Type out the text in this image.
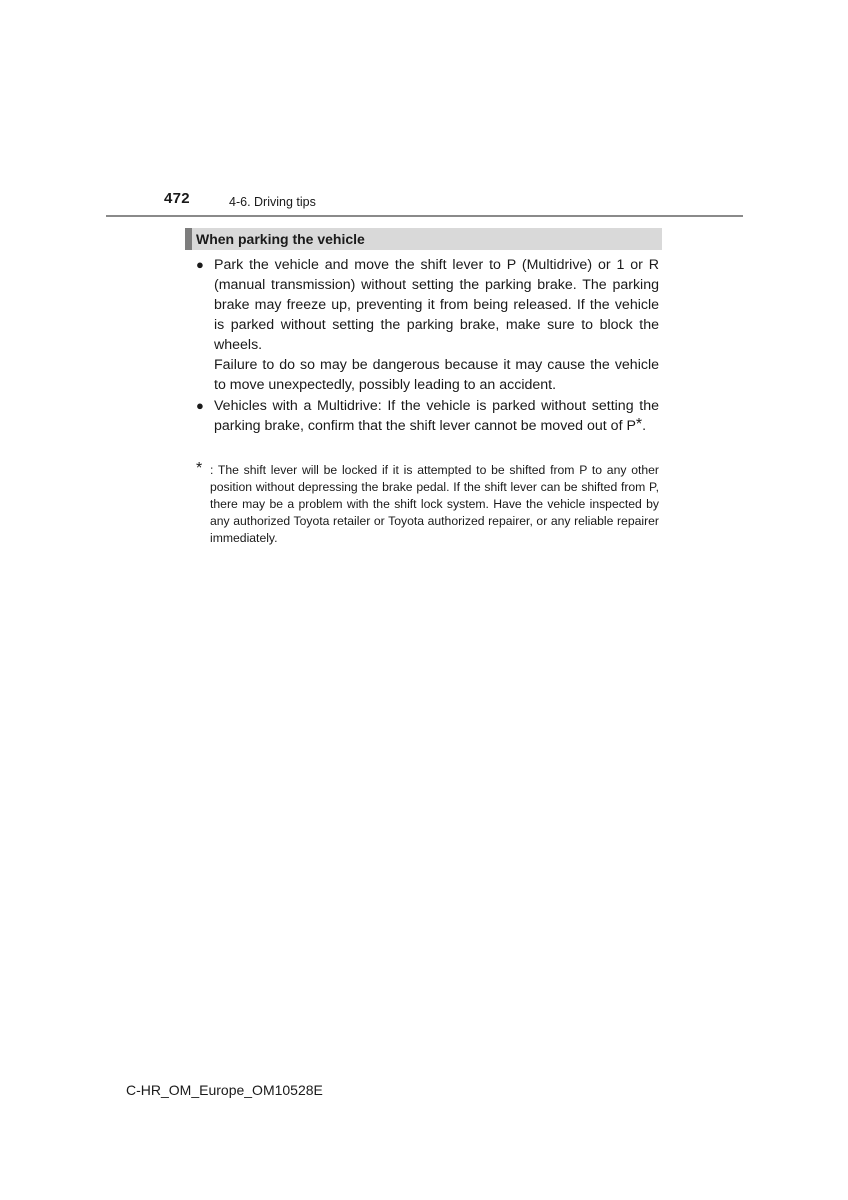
472	4-6. Driving tips
When parking the vehicle
● Park the vehicle and move the shift lever to P (Multidrive) or 1 or R (manual transmission) without setting the parking brake. The parking brake may freeze up, preventing it from being released. If the vehicle is parked without setting the parking brake, make sure to block the wheels.
Failure to do so may be dangerous because it may cause the vehicle to move unexpectedly, possibly leading to an accident.
● Vehicles with a Multidrive: If the vehicle is parked without setting the parking brake, confirm that the shift lever cannot be moved out of P*.
* : The shift lever will be locked if it is attempted to be shifted from P to any other position without depressing the brake pedal. If the shift lever can be shifted from P, there may be a problem with the shift lock system. Have the vehicle inspected by any authorized Toyota retailer or Toyota authorized repairer, or any reliable repairer immediately.
C-HR_OM_Europe_OM10528E
